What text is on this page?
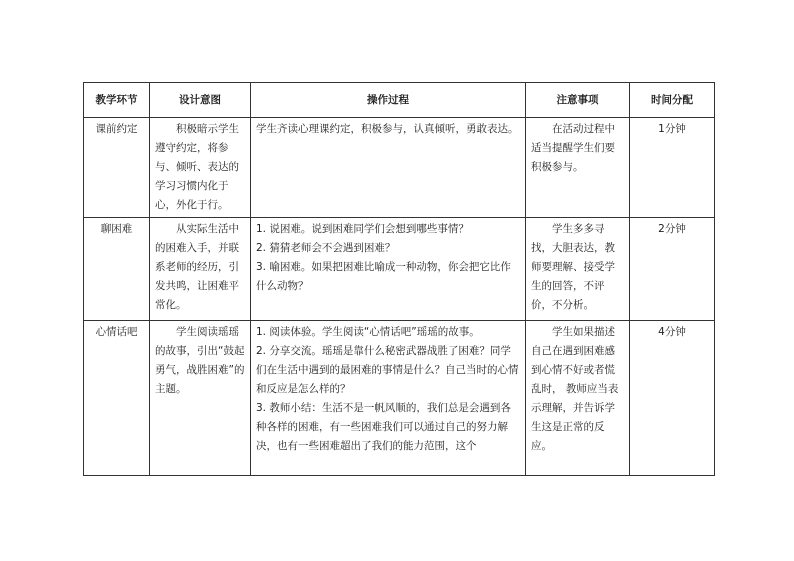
教学环节	设计意图	操作过程	注意事项	时间分配
课前约定	积极暗示学生遵守约定，将参与、倾听、表达的学习习惯内化于心，外化于行。	学生齐读心理课约定，积极参与，认真倾听，勇敢表达。	在活动过程中适当提醒学生们要积极参与。	1分钟
聊困难	从实际生活中的困难入手，并联系老师的经历，引发共鸣，让困难平常化。	1. 说困难。说到困难同学们会想到哪些事情？

2. 猜猜老师会不会遇到困难？

3. 喻困难。如果把困难比喻成一种动物，你会把它比作什么动物？	学生多多寻找，大胆表达，教师要理解、接受学生的回答，不评价，不分析。	2分钟
心情话吧	学生阅读瑶瑶的故事，引出“鼓起勇气，战胜困难”的主题。	1. 阅读体验。学生阅读“心情话吧”瑶瑶的故事。

2. 分享交流。瑶瑶是靠什么秘密武器战胜了困难？同学们在生活中遇到的最困难的事情是什么？自己当时的心情和反应是怎么样的？

3. 教师小结：生活不是一帆风顺的，我们总是会遇到各种各样的困难，有一些困难我们可以通过自己的努力解决，也有一些困难超出了我们的能力范围，这个	学生如果描述自己在遇到困难感到心情不好或者慌乱时， 教师应当表示理解，并告诉学生这是正常的反应。	4分钟
